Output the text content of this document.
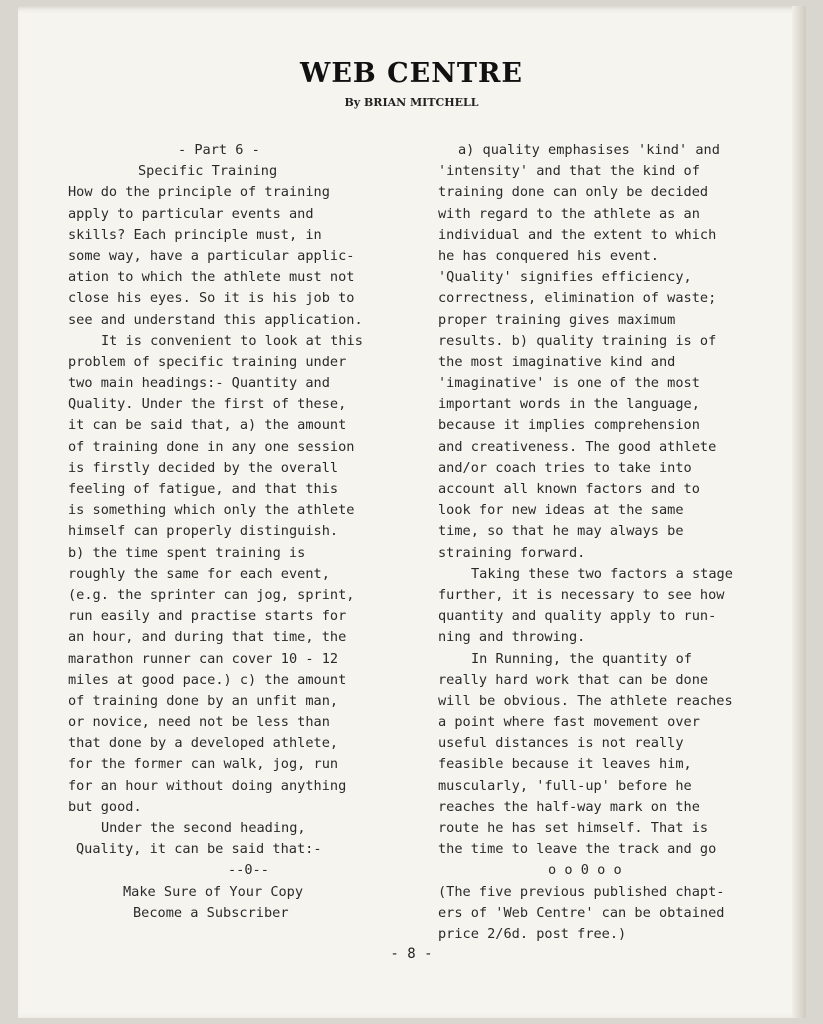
WEB CENTRE
By BRIAN MITCHELL
- Part 6 -
Specific Training
How do the principle of training
apply to particular events and
skills? Each principle must, in
some way, have a particular applic-
ation to which the athlete must not
close his eyes. So it is his job to
see and understand this application.
It is convenient to look at this
problem of specific training under
two main headings:- Quantity and
Quality. Under the first of these,
it can be said that, a) the amount
of training done in any one session
is firstly decided by the overall
feeling of fatigue, and that this
is something which only the athlete
himself can properly distinguish.
b) the time spent training is
roughly the same for each event,
(e.g. the sprinter can jog, sprint,
run easily and practise starts for
an hour, and during that time, the
marathon runner can cover 10 - 12
miles at good pace.) c) the amount
of training done by an unfit man,
or novice, need not be less than
that done by a developed athlete,
for the former can walk, jog, run
for an hour without doing anything
but good.
Under the second heading,
Quality, it can be said that:-
--0--
Make Sure of Your Copy
Become a Subscriber
a) quality emphasises 'kind' and
'intensity' and that the kind of
training done can only be decided
with regard to the athlete as an
individual and the extent to which
he has conquered his event.
'Quality' signifies efficiency,
correctness, elimination of waste;
proper training gives maximum
results. b) quality training is of
the most imaginative kind and
'imaginative' is one of the most
important words in the language,
because it implies comprehension
and creativeness. The good athlete
and/or coach tries to take into
account all known factors and to
look for new ideas at the same
time, so that he may always be
straining forward.
Taking these two factors a stage
further, it is necessary to see how
quantity and quality apply to run-
ning and throwing.
In Running, the quantity of
really hard work that can be done
will be obvious. The athlete reaches
a point where fast movement over
useful distances is not really
feasible because it leaves him,
muscularly, 'full-up' before he
reaches the half-way mark on the
route he has set himself. That is
the time to leave the track and go
o o 0 o o
(The five previous published chapt-
ers of 'Web Centre' can be obtained
price 2/6d. post free.)
- 8 -
